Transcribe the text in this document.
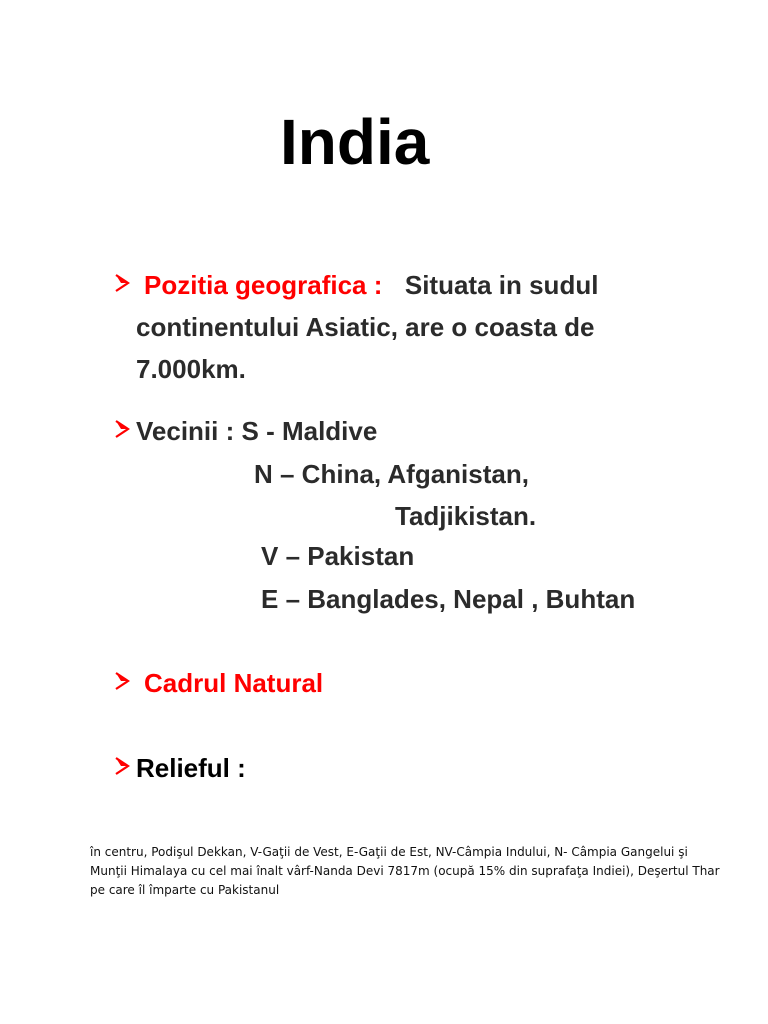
India
Pozitia geografica : Situata in sudul
continentului Asiatic, are o coasta de
7.000km.
Vecinii : S - Maldive
N – China, Afganistan,
Tadjikistan.
V – Pakistan
E – Banglades, Nepal , Buhtan
Cadrul Natural
Relieful :
în centru, Podişul Dekkan, V-Gaţii de Vest, E-Gaţii de Est, NV-Câmpia Indului, N- Câmpia Gangelui şi
Munţii Himalaya cu cel mai înalt vârf-Nanda Devi 7817m (ocupă 15% din suprafaţa Indiei), Deşertul Thar
pe care îl împarte cu Pakistanul
